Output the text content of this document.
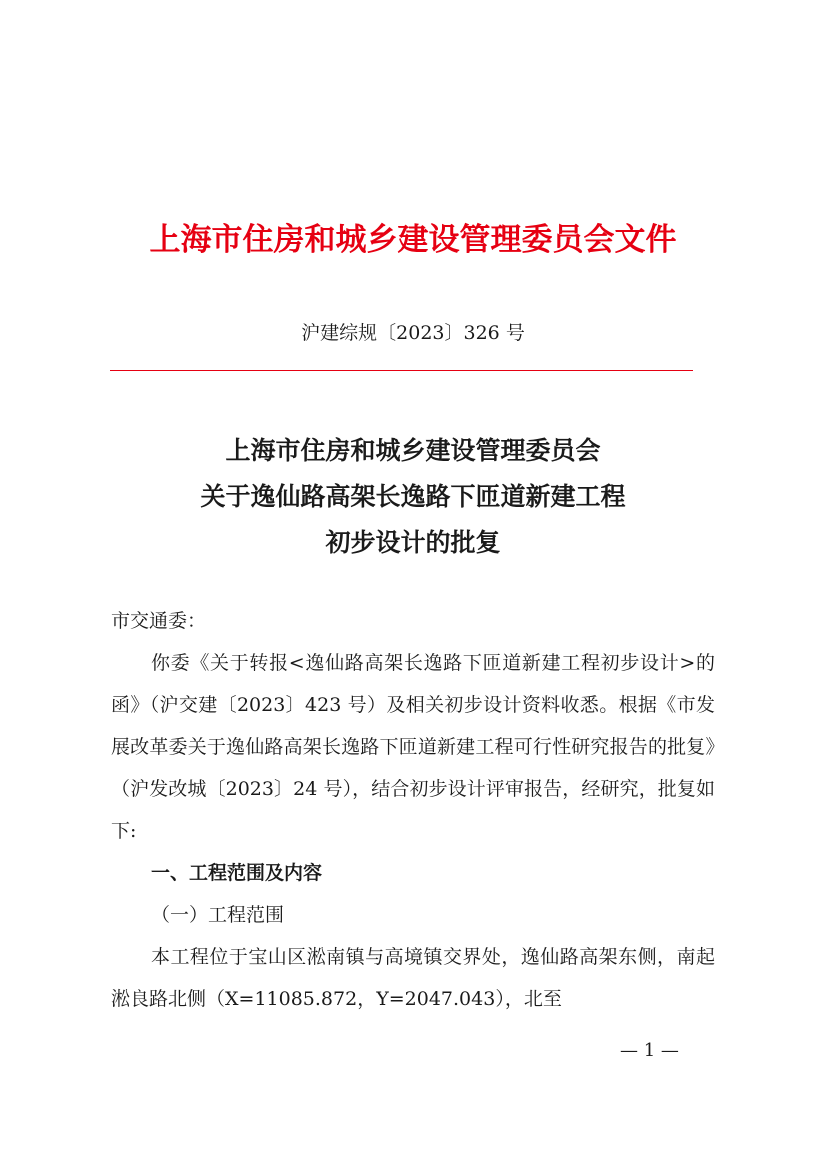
上海市住房和城乡建设管理委员会文件
沪建综规〔2023〕326 号
上海市住房和城乡建设管理委员会
关于逸仙路高架长逸路下匝道新建工程
初步设计的批复

市交通委：

你委《关于转报<逸仙路高架长逸路下匝道新建工程初步设计>的函》（沪交建〔2023〕423 号）及相关初步设计资料收悉。根据《市发展改革委关于逸仙路高架长逸路下匝道新建工程可行性研究报告的批复》（沪发改城〔2023〕24 号），结合初步设计评审报告，经研究，批复如下:

一、工程范围及内容

（一）工程范围

本工程位于宝山区淞南镇与高境镇交界处，逸仙路高架东侧，南起淞良路北侧（X=11085.872，Y=2047.043），北至

— 1 —
